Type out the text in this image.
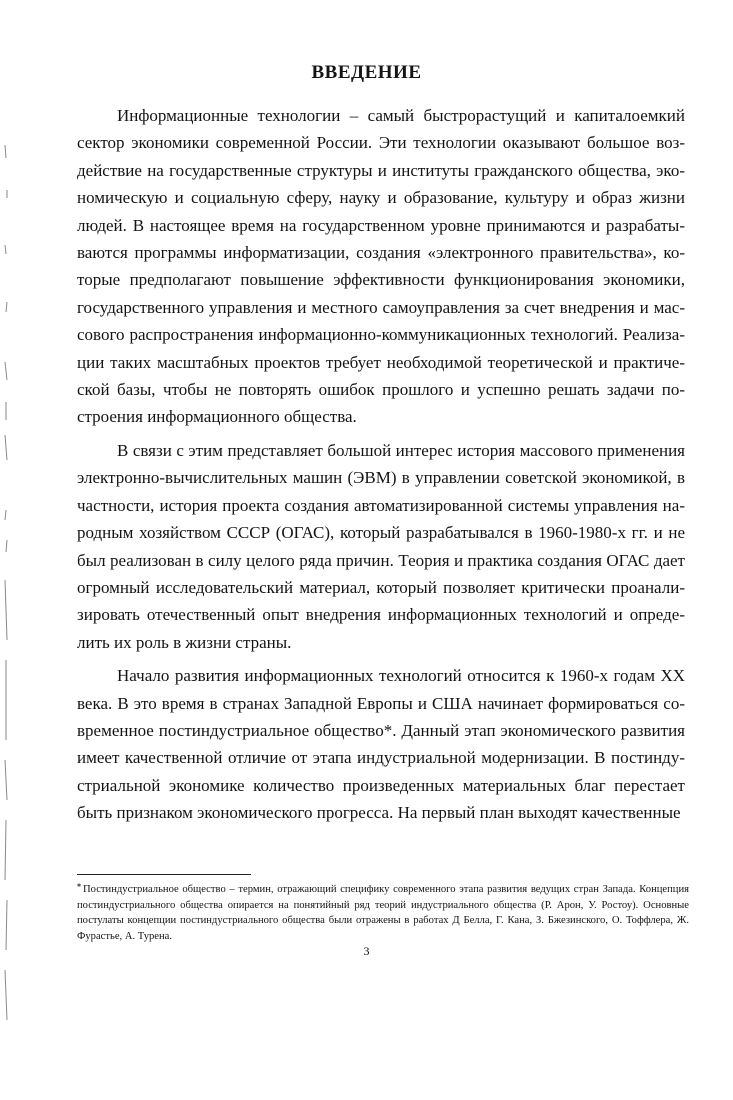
ВВЕДЕНИЕ

Информационные технологии – самый быстрорастущий и капиталоемкий сектор экономики современной России. Эти технологии оказывают большое воздействие на государственные структуры и институты гражданского общества, экономическую и социальную сферу, науку и образование, культуру и образ жизни людей. В настоящее время на государственном уровне принимаются и разрабатываются программы информатизации, создания «электронного правительства», которые предполагают повышение эффективности функционирования экономики, государственного управления и местного самоуправления за счет внедрения и массового распространения информационно-коммуникационных технологий. Реализации таких масштабных проектов требует необходимой теоретической и практической базы, чтобы не повторять ошибок прошлого и успешно решать задачи построения информационного общества.

В связи с этим представляет большой интерес история массового применения электронно-вычислительных машин (ЭВМ) в управлении советской экономикой, в частности, история проекта создания автоматизированной системы управления народным хозяйством СССР (ОГАС), который разрабатывался в 1960-1980-х гг. и не был реализован в силу целого ряда причин. Теория и практика создания ОГАС дает огромный исследовательский материал, который позволяет критически проанализировать отечественный опыт внедрения информационных технологий и определить их роль в жизни страны.

Начало развития информационных технологий относится к 1960-х годам XX века. В это время в странах Западной Европы и США начинает формироваться современное постиндустриальное общество*. Данный этап экономического развития имеет качественной отличие от этапа индустриальной модернизации. В постиндустриальной экономике количество произведенных материальных благ перестает быть признаком экономического прогресса. На первый план выходят качественные

* Постиндустриальное общество – термин, отражающий специфику современного этапа развития ведущих стран Запада. Концепция постиндустриального общества опирается на понятийный ряд теорий индустриального общества (Р. Арон, У. Ростоу). Основные постулаты концепции постиндустриального общества были отражены в работах Д Белла, Г. Кана, З. Бжезинского, О. Тоффлера, Ж. Фурастье, А. Турена.

3
